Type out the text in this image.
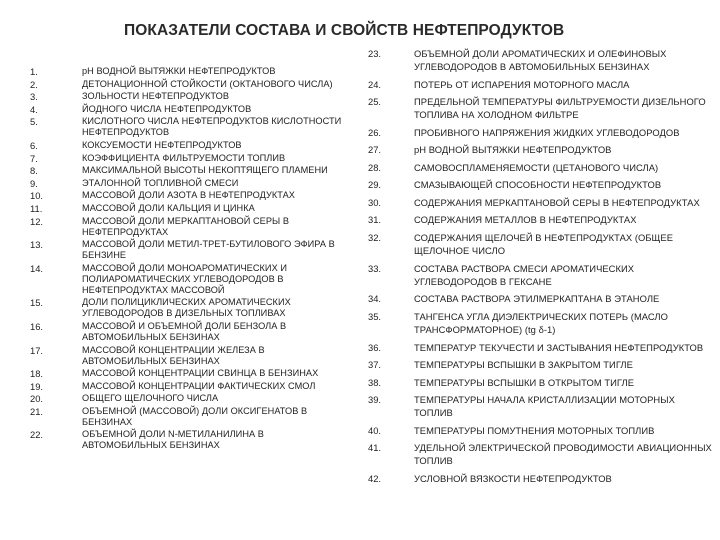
ПОКАЗАТЕЛИ СОСТАВА И СВОЙСТВ НЕФТЕПРОДУКТОВ
1.	pH ВОДНОЙ ВЫТЯЖКИ НЕФТЕПРОДУКТОВ
2.	ДЕТОНАЦИОННОЙ СТОЙКОСТИ (ОКТАНОВОГО ЧИСЛА)
3.	ЗОЛЬНОСТИ НЕФТЕПРОДУКТОВ
4.	ЙОДНОГО ЧИСЛА НЕФТЕПРОДУКТОВ
5.	КИСЛОТНОГО ЧИСЛА НЕФТЕПРОДУКТОВ КИСЛОТНОСТИ НЕФТЕПРОДУКТОВ
6.	КОКСУЕМОСТИ НЕФТЕПРОДУКТОВ
7.	КОЭФФИЦИЕНТА ФИЛЬТРУЕМОСТИ ТОПЛИВ
8.	МАКСИМАЛЬНОЙ ВЫСОТЫ НЕКОПТЯЩЕГО ПЛАМЕНИ
9.	ЭТАЛОННОЙ ТОПЛИВНОЙ СМЕСИ
10.	МАССОВОЙ ДОЛИ АЗОТА В НЕФТЕПРОДУКТАХ
11.	МАССОВОЙ ДОЛИ КАЛЬЦИЯ И ЦИНКА
12.	МАССОВОЙ ДОЛИ МЕРКАПТАНОВОЙ СЕРЫ В НЕФТЕПРОДУКТАХ
13.	МАССОВОЙ ДОЛИ МЕТИЛ-ТРЕТ-БУТИЛОВОГО ЭФИРА В БЕНЗИНЕ
14.	МАССОВОЙ ДОЛИ МОНОАРОМАТИЧЕСКИХ И ПОЛИАРОМАТИЧЕСКИХ УГЛЕВОДОРОДОВ В НЕФТЕПРОДУКТАХ МАССОВОЙ
15.	ДОЛИ ПОЛИЦИКЛИЧЕСКИХ АРОМАТИЧЕСКИХ УГЛЕВОДОРОДОВ В ДИЗЕЛЬНЫХ ТОПЛИВАХ
16.	МАССОВОЙ И ОБЪЕМНОЙ ДОЛИ БЕНЗОЛА В АВТОМОБИЛЬНЫХ БЕНЗИНАХ
17.	МАССОВОЙ КОНЦЕНТРАЦИИ ЖЕЛЕЗА В АВТОМОБИЛЬНЫХ БЕНЗИНАХ
18.	МАССОВОЙ КОНЦЕНТРАЦИИ СВИНЦА В БЕНЗИНАХ
19.	МАССОВОЙ КОНЦЕНТРАЦИИ ФАКТИЧЕСКИХ СМОЛ
20.	ОБЩЕГО ЩЕЛОЧНОГО ЧИСЛА
21.	ОБЪЕМНОЙ (МАССОВОЙ) ДОЛИ ОКСИГЕНАТОВ В БЕНЗИНАХ
22.	ОБЪЕМНОЙ ДОЛИ N-МЕТИЛАНИЛИНА В АВТОМОБИЛЬНЫХ БЕНЗИНАХ
23.	ОБЪЕМНОЙ ДОЛИ АРОМАТИЧЕСКИХ И ОЛЕФИНОВЫХ УГЛЕВОДОРОДОВ В АВТОМОБИЛЬНЫХ БЕНЗИНАХ
24.	ПОТЕРЬ ОТ ИСПАРЕНИЯ МОТОРНОГО МАСЛА
25.	ПРЕДЕЛЬНОЙ ТЕМПЕРАТУРЫ ФИЛЬТРУЕМОСТИ ДИЗЕЛЬНОГО ТОПЛИВА НА ХОЛОДНОМ ФИЛЬТРЕ
26.	ПРОБИВНОГО НАПРЯЖЕНИЯ ЖИДКИХ УГЛЕВОДОРОДОВ
27.	pH ВОДНОЙ ВЫТЯЖКИ НЕФТЕПРОДУКТОВ
28.	САМОВОСПЛАМЕНЯЕМОСТИ (ЦЕТАНОВОГО ЧИСЛА)
29.	СМАЗЫВАЮЩЕЙ СПОСОБНОСТИ НЕФТЕПРОДУКТОВ
30.	СОДЕРЖАНИЯ МЕРКАПТАНОВОЙ СЕРЫ В НЕФТЕПРОДУКТАХ
31.	СОДЕРЖАНИЯ МЕТАЛЛОВ В НЕФТЕПРОДУКТАХ
32.	СОДЕРЖАНИЯ ЩЕЛОЧЕЙ В НЕФТЕПРОДУКТАХ (ОБЩЕЕ ЩЕЛОЧНОЕ ЧИСЛО
33.	СОСТАВА РАСТВОРА СМЕСИ АРОМАТИЧЕСКИХ УГЛЕВОДОРОДОВ В ГЕКСАНЕ
34.	СОСТАВА РАСТВОРА ЭТИЛМЕРКАПТАНА В ЭТАНОЛЕ
35.	ТАНГЕНСА УГЛА ДИЭЛЕКТРИЧЕСКИХ ПОТЕРЬ (МАСЛО ТРАНСФОРМАТОРНОЕ) (tg δ-1)
36.	ТЕМПЕРАТУР ТЕКУЧЕСТИ И ЗАСТЫВАНИЯ НЕФТЕПРОДУКТОВ
37.	ТЕМПЕРАТУРЫ ВСПЫШКИ В ЗАКРЫТОМ ТИГЛЕ
38.	ТЕМПЕРАТУРЫ ВСПЫШКИ В ОТКРЫТОМ ТИГЛЕ
39.	ТЕМПЕРАТУРЫ НАЧАЛА КРИСТАЛЛИЗАЦИИ МОТОРНЫХ ТОПЛИВ
40.	ТЕМПЕРАТУРЫ ПОМУТНЕНИЯ МОТОРНЫХ ТОПЛИВ
41.	УДЕЛЬНОЙ ЭЛЕКТРИЧЕСКОЙ ПРОВОДИМОСТИ АВИАЦИОННЫХ ТОПЛИВ
42.	УСЛОВНОЙ ВЯЗКОСТИ НЕФТЕПРОДУКТОВ
